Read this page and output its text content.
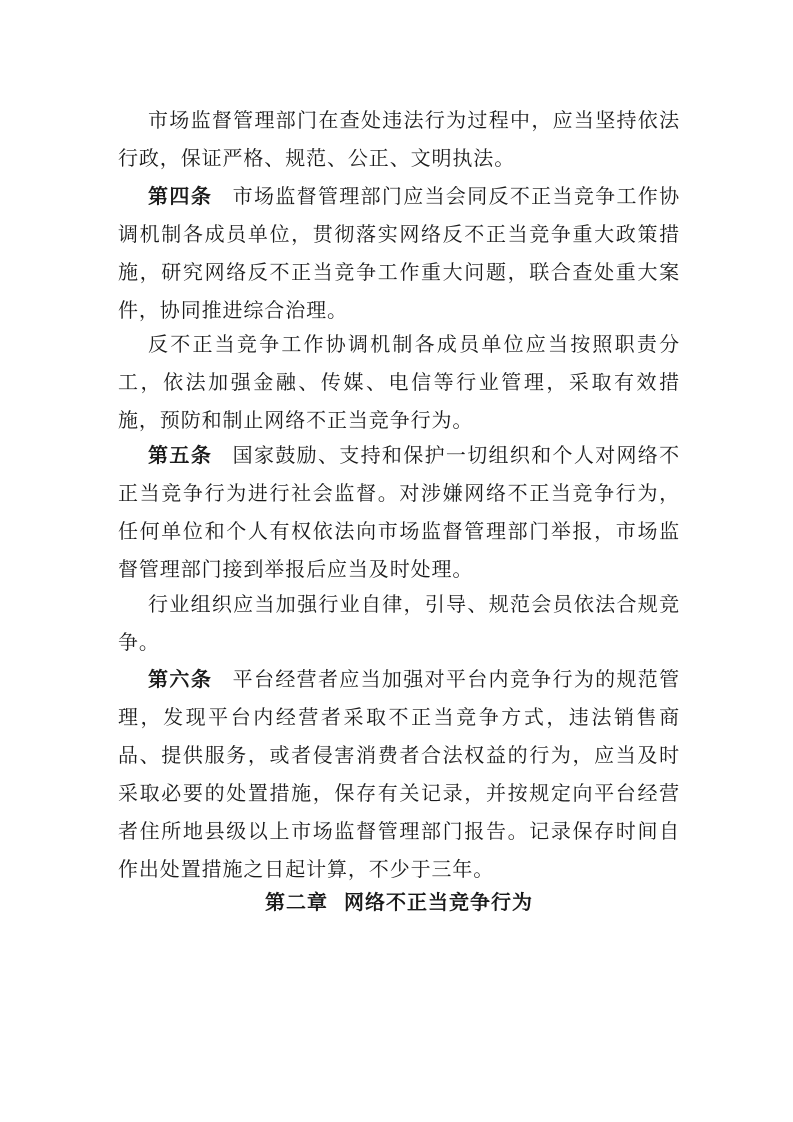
市场监督管理部门在查处违法行为过程中，应当坚持依法行政，保证严格、规范、公正、文明执法。

第四条 市场监督管理部门应当会同反不正当竞争工作协调机制各成员单位，贯彻落实网络反不正当竞争重大政策措施，研究网络反不正当竞争工作重大问题，联合查处重大案件，协同推进综合治理。

反不正当竞争工作协调机制各成员单位应当按照职责分工，依法加强金融、传媒、电信等行业管理，采取有效措施，预防和制止网络不正当竞争行为。

第五条 国家鼓励、支持和保护一切组织和个人对网络不正当竞争行为进行社会监督。对涉嫌网络不正当竞争行为，任何单位和个人有权依法向市场监督管理部门举报，市场监督管理部门接到举报后应当及时处理。

行业组织应当加强行业自律，引导、规范会员依法合规竞争。

第六条 平台经营者应当加强对平台内竞争行为的规范管理，发现平台内经营者采取不正当竞争方式，违法销售商品、提供服务，或者侵害消费者合法权益的行为，应当及时采取必要的处置措施，保存有关记录，并按规定向平台经营者住所地县级以上市场监督管理部门报告。记录保存时间自作出处置措施之日起计算，不少于三年。

第二章  网络不正当竞争行为
